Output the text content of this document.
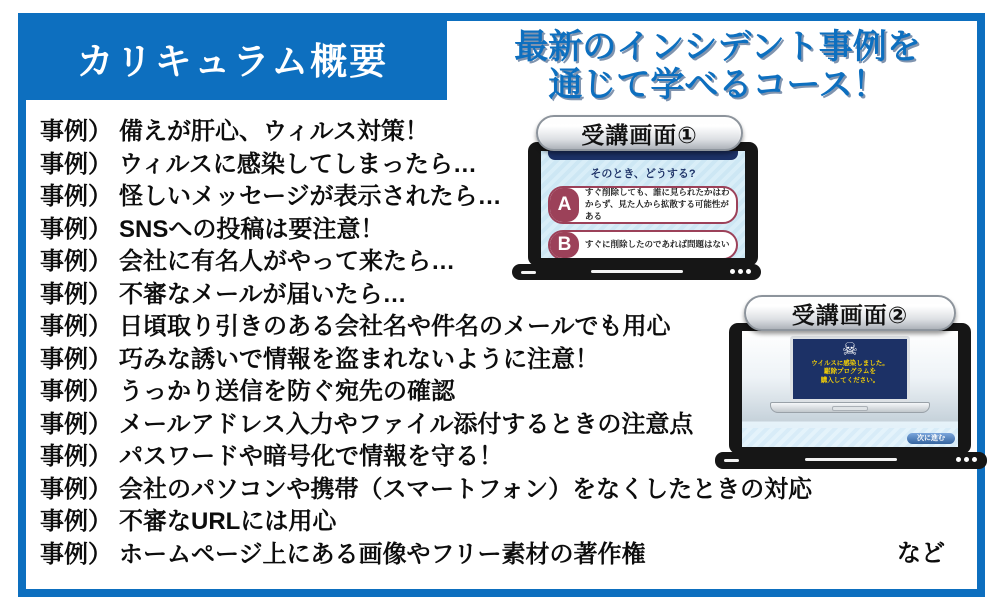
カリキュラム概要	最新のインシデント事例を
通じて学べるコース！
事例） 備えが肝心、ウィルス対策！
事例） ウィルスに感染してしまったら…
事例） 怪しいメッセージが表示されたら…
事例） SNSへの投稿は要注意！
事例） 会社に有名人がやって来たら…
事例） 不審なメールが届いたら…
事例） 日頃取り引きのある会社名や件名のメールでも用心
事例） 巧みな誘いで情報を盗まれないように注意！
事例） うっかり送信を防ぐ宛先の確認
事例） メールアドレス入力やファイル添付するときの注意点
事例） パスワードや暗号化で情報を守る！
事例） 会社のパソコンや携帯（スマートフォン）をなくしたときの対応
事例） 不審なURLには用心
事例） ホームページ上にある画像やフリー素材の著作権	など
受講画面①
そのとき、どうする?
A
すぐ削除しても、誰に見られたかはわからず、見た人から拡散する可能性がある
B	すぐに削除したのであれば問題はない
受講画面②
☠
ウイルスに感染しました。
駆除プログラムを
購入してください。
次に進む
